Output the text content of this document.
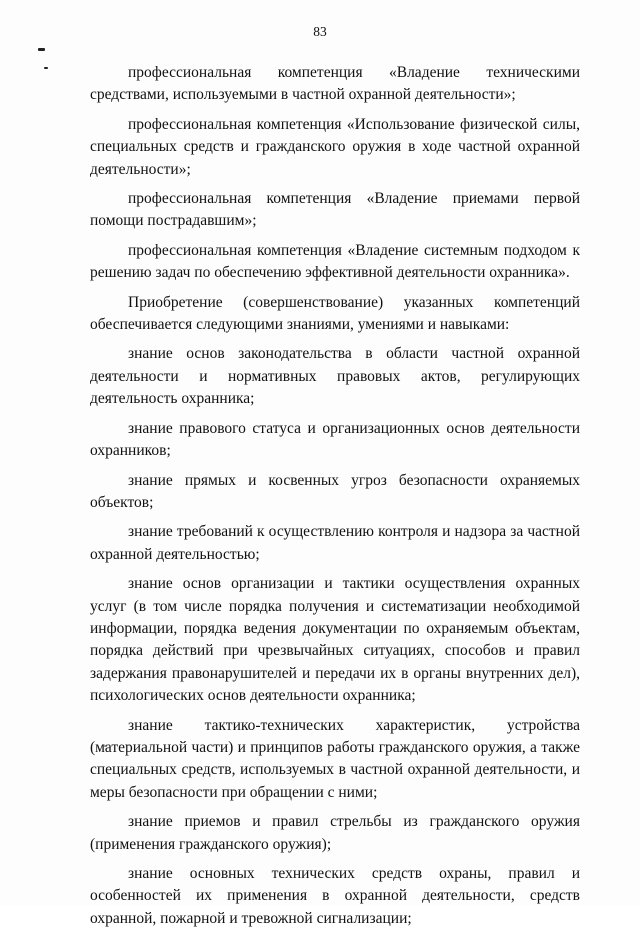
83

профессиональная компетенция «Владение техническими средствами, используемыми в частной охранной деятельности»;

профессиональная компетенция «Использование физической силы, специальных средств и гражданского оружия в ходе частной охранной деятельности»;

профессиональная компетенция «Владение приемами первой помощи пострадавшим»;

профессиональная компетенция «Владение системным подходом к решению задач по обеспечению эффективной деятельности охранника».

Приобретение (совершенствование) указанных компетенций обеспечивается следующими знаниями, умениями и навыками:

знание основ законодательства в области частной охранной деятельности и нормативных правовых актов, регулирующих деятельность охранника;

знание правового статуса и организационных основ деятельности охранников;

знание прямых и косвенных угроз безопасности охраняемых объектов;

знание требований к осуществлению контроля и надзора за частной охранной деятельностью;

знание основ организации и тактики осуществления охранных услуг (в том числе порядка получения и систематизации необходимой информации, порядка ведения документации по охраняемым объектам, порядка действий при чрезвычайных ситуациях, способов и правил задержания правонарушителей и передачи их в органы внутренних дел), психологических основ деятельности охранника;

знание тактико-технических характеристик, устройства (материальной части) и принципов работы гражданского оружия, а также специальных средств, используемых в частной охранной деятельности, и меры безопасности при обращении с ними;

знание приемов и правил стрельбы из гражданского оружия (применения гражданского оружия);

знание основных технических средств охраны, правил и особенностей их применения в охранной деятельности, средств охранной, пожарной и тревожной сигнализации;
